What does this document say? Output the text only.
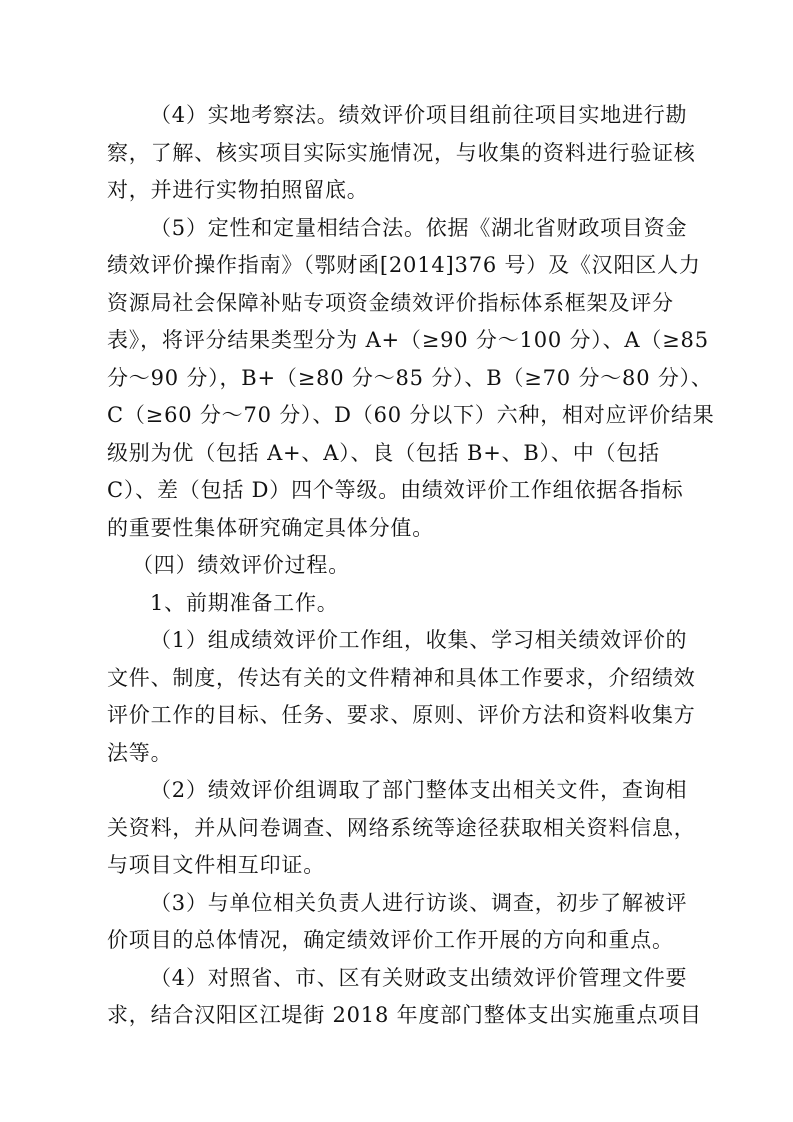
（4）实地考察法。绩效评价项目组前往项目实地进行勘
察，了解、核实项目实际实施情况，与收集的资料进行验证核
对，并进行实物拍照留底。
（5）定性和定量相结合法。依据《湖北省财政项目资金
绩效评价操作指南》（鄂财函[2014]376 号）及《汉阳区人力
资源局社会保障补贴专项资金绩效评价指标体系框架及评分
表》，将评分结果类型分为 A+（≥90 分～100 分）、A（≥85
分～90 分），B+（≥80 分～85 分）、B（≥70 分～80 分）、
C（≥60 分～70 分）、D（60 分以下）六种，相对应评价结果
级别为优（包括 A+、A）、良（包括 B+、B）、中（包括
C）、差（包括 D）四个等级。由绩效评价工作组依据各指标
的重要性集体研究确定具体分值。
（四）绩效评价过程。
1、前期准备工作。
（1）组成绩效评价工作组，收集、学习相关绩效评价的
文件、制度，传达有关的文件精神和具体工作要求，介绍绩效
评价工作的目标、任务、要求、原则、评价方法和资料收集方
法等。
（2）绩效评价组调取了部门整体支出相关文件，查询相
关资料，并从问卷调查、网络系统等途径获取相关资料信息，
与项目文件相互印证。
（3）与单位相关负责人进行访谈、调查，初步了解被评
价项目的总体情况，确定绩效评价工作开展的方向和重点。
（4）对照省、市、区有关财政支出绩效评价管理文件要
求，结合汉阳区江堤街 2018 年度部门整体支出实施重点项目
